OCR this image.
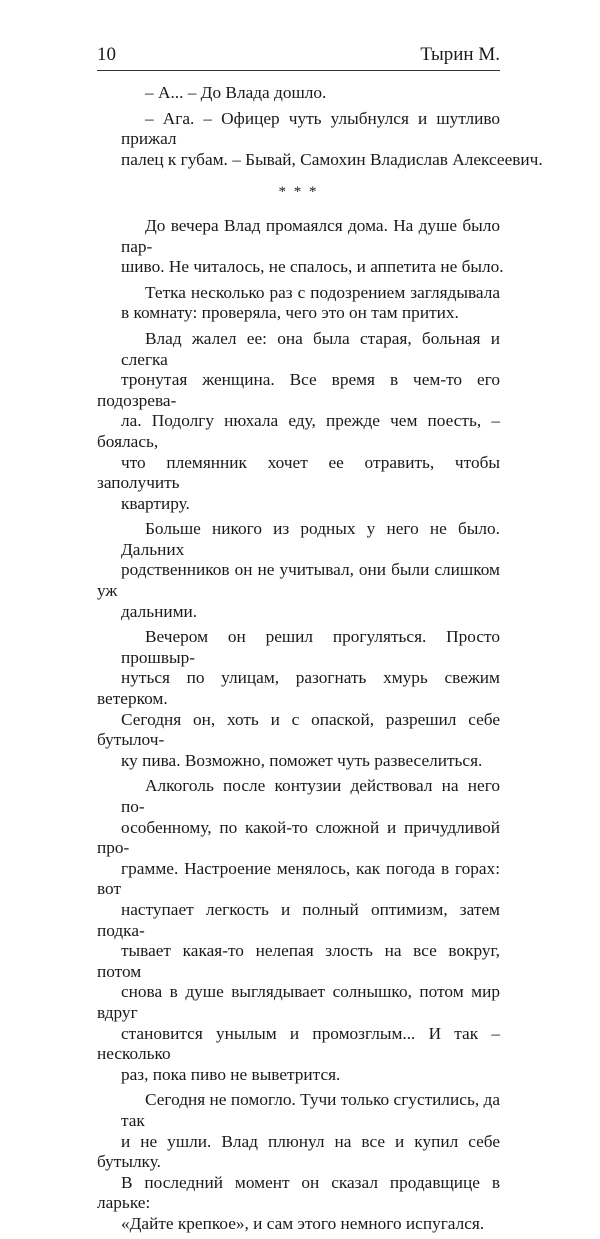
10	Тырин М.
– А... – До Влада дошло.
– Ага. – Офицер чуть улыбнулся и шутливо прижал
палец к губам. – Бывай, Самохин Владислав Алексеевич.
* * *
До вечера Влад промаялся дома. На душе было пар-
шиво. Не читалось, не спалось, и аппетита не было.
Тетка несколько раз с подозрением заглядывала
в комнату: проверяла, чего это он там притих.
Влад жалел ее: она была старая, больная и слегка
тронутая женщина. Все время в чем-то его подозрева-
ла. Подолгу нюхала еду, прежде чем поесть, – боялась,
что племянник хочет ее отравить, чтобы заполучить
квартиру.
Больше никого из родных у него не было. Дальних
родственников он не учитывал, они были слишком уж
дальними.
Вечером он решил прогуляться. Просто прошвыр-
нуться по улицам, разогнать хмурь свежим ветерком.
Сегодня он, хоть и с опаской, разрешил себе бутылоч-
ку пива. Возможно, поможет чуть развеселиться.
Алкоголь после контузии действовал на него по-
особенному, по какой-то сложной и причудливой про-
грамме. Настроение менялось, как погода в горах: вот
наступает легкость и полный оптимизм, затем подка-
тывает какая-то нелепая злость на все вокруг, потом
снова в душе выглядывает солнышко, потом мир вдруг
становится унылым и промозглым... И так – несколько
раз, пока пиво не выветрится.
Сегодня не помогло. Тучи только сгустились, да так
и не ушли. Влад плюнул на все и купил себе бутылку.
В последний момент он сказал продавщице в ларьке:
«Дайте крепкое», и сам этого немного испугался.
